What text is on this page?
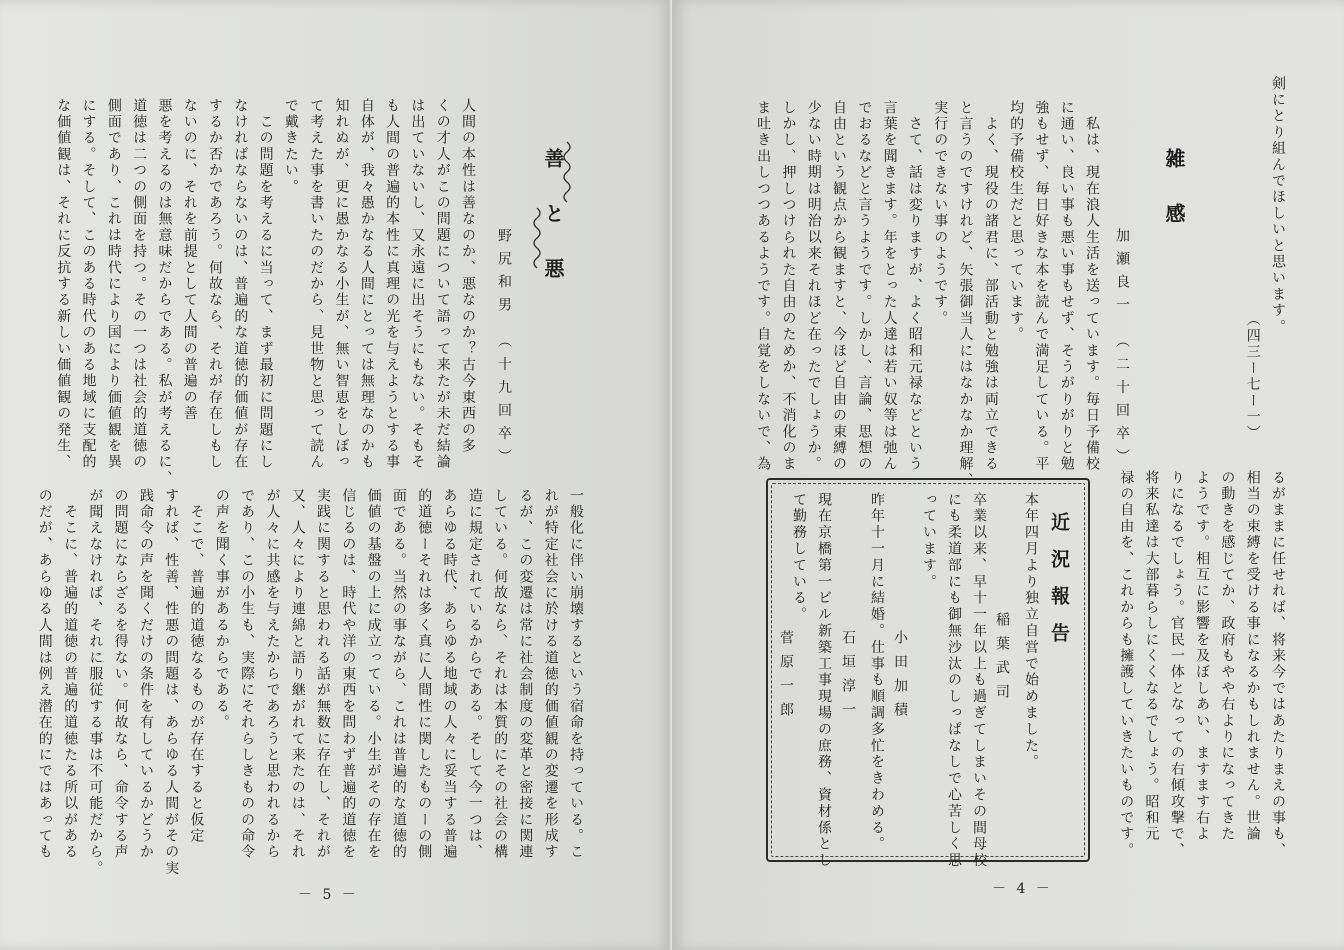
善 と 悪
野尻和男 （十九回卒）
人間の本性は善なのか、悪なのか？古今東西の多
くの才人がこの問題について語って来たが未だ結論
は出ていないし、又永遠に出そうにもない。そもそ
も人間の普遍的本性に真理の光を与えようとする事
自体が、我々愚かなる人間にとっては無理なのかも
知れぬが、更に愚かなる小生が、無い智恵をしぼっ
て考えた事を書いたのだから、見世物と思って読ん
で戴きたい。
　この問題を考えるに当って、まず最初に問題にし
なければならないのは、普遍的な道徳的価値が存在
するか否かであろう。何故なら、それが存在しもし
ないのに、それを前提として人間の普遍の善
悪を考えるのは無意味だからである。私が考えるに、
道徳は二つの側面を持つ。その一つは社会的道徳の
側面であり、これは時代により国により価値観を異
にする。そして、このある時代のある地域に支配的
な価値観は、それに反抗する新しい価値観の発生、
一般化に伴い崩壊するという宿命を持っている。こ
れが特定社会に於ける道徳的価値観の変遷を形成す
るが、この変遷は常に社会制度の変革と密接に関連
している。何故なら、それは本質的にその社会の構
造に規定されているからである。そして今一つは、
あらゆる時代、あらゆる地域の人々に妥当する普遍
的道徳ーそれは多く真に人間性に関したものーの側
面である。当然の事ながら、これは普遍的な道徳的
価値の基盤の上に成立っている。小生がその存在を
信じるのは、時代や洋の東西を問わず普遍的道徳を
実践に関すると思われる話が無数に存在し、それが
又、人々により連綿と語り継がれて来たのは、それ
が人々に共感を与えたからであろうと思われるから
であり、この小生も、実際にそれらしきものの命令
の声を聞く事があるからである。
　そこで、普遍的道徳なるものが存在すると仮定
すれば、性善、性悪の問題は、あらゆる人間がその実
践命令の声を聞くだけの条件を有しているかどうか
の問題にならざるを得ない。何故なら、命令する声
が聞えなければ、それに服従する事は不可能だから。
　そこに、普遍的道徳の普遍的道徳たる所以がある
のだが、あらゆる人間は例え潜在的にではあっても
－ 5 －
剣にとり組んでほしいと思います。
　　　　　　　　　　　　　　　（四三ー七ー一）
雑 感
加瀬良一 （二十回卒）
　私は、現在浪人生活を送っています。毎日予備校
に通い、良い事も悪い事もせず、そうがりがりと勉
強もせず、毎日好きな本を読んで満足している。平
均的予備校生だと思っています。
　よく、現役の諸君に、部活動と勉強は両立できる
と言うのですけれど、矢張御当人にはなかなか理解、
実行のできない事のようです。
　さて、話は変りますが、よく昭和元禄などという
言葉を聞きます。年をとった人達は若い奴等は弛ん
でおるなどと言うようです。しかし、言論、思想の
自由という観点から観ますと、今ほど自由の束縛の
少ない時期は明治以来それほど在ったでしょうか。
しかし、押しつけられた自由のためか、不消化のま
ま吐き出しつつあるようです。自覚をしないで、為
るがままに任せれば、将来今ではあたりまえの事も、
相当の束縛を受ける事になるかもしれません。世論
の動きを感じてか、政府もやや右よりになってきた
ようです。相互に影響を及ぼしあい、ますます右よ
りになるでしょう。官民一体となっての右傾攻撃で、
将来私達は大部暮らしにくくなるでしょう。昭和元
禄の自由を、これからも擁護していきたいものです。
近況報告
本年四月より独立自営で始めました。
稲葉武司
卒業以来、早十一年以上も過ぎてしまいその間母校
にも柔道部にも御無沙汰のしっぱなしで心苦しく思
っています。
小田加積
昨年十一月に結婚。仕事も順調多忙をきわめる。
石垣淳一
現在京橋第一ビル新築工事現場の庶務、資材係とし
て勤務している。
菅原一郎
－ 4 －
